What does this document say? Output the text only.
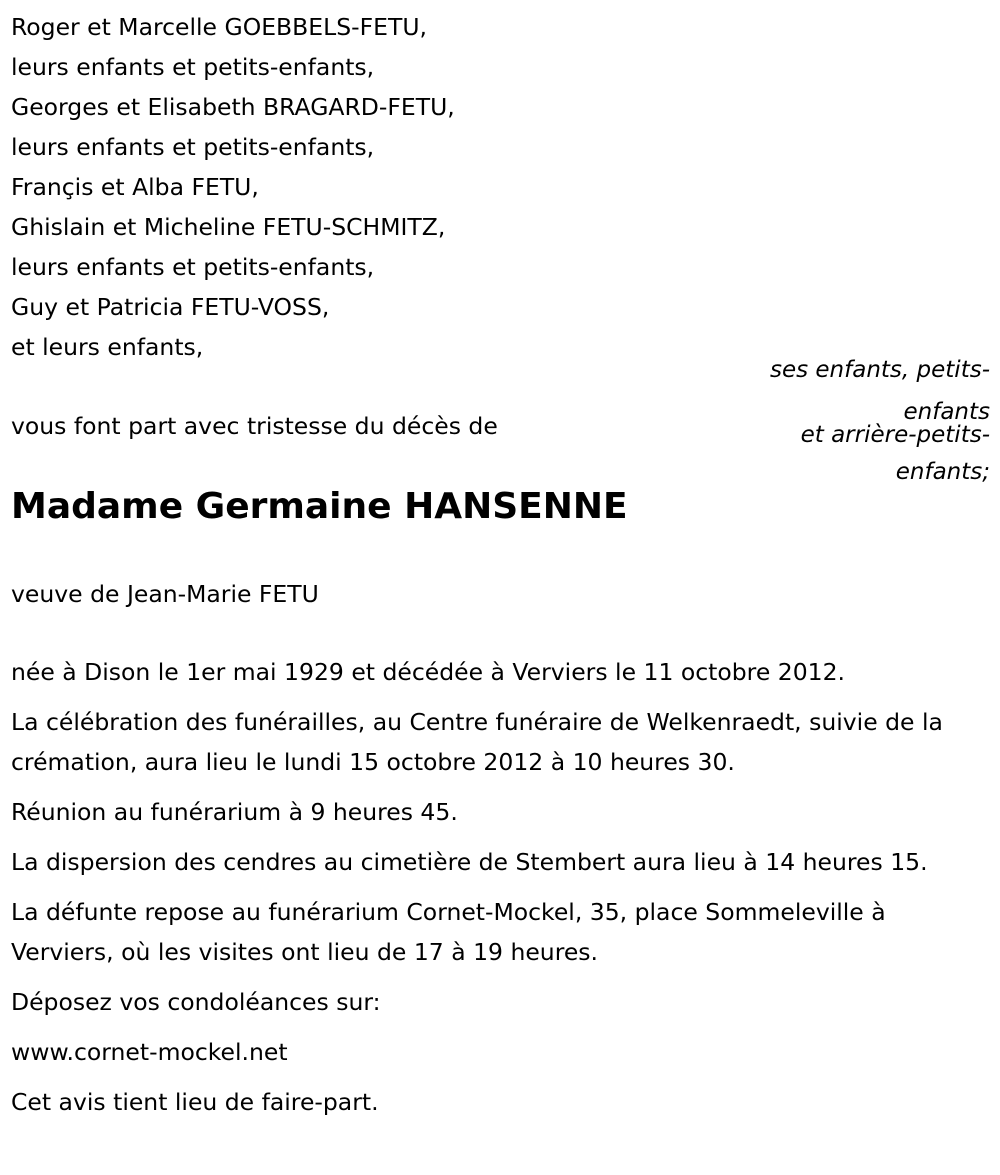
Roger et Marcelle GOEBBELS-FETU,
leurs enfants et petits-enfants,
Georges et Elisabeth BRAGARD-FETU,
leurs enfants et petits-enfants,
Françis et Alba FETU,
Ghislain et Micheline FETU-SCHMITZ,
leurs enfants et petits-enfants,
Guy et Patricia FETU-VOSS,
et leurs enfants,
ses enfants, petits-
enfants
et arrière-petits-
enfants;
vous font part avec tristesse du décès de
Madame Germaine HANSENNE
veuve de Jean-Marie FETU

née à Dison le 1er mai 1929 et décédée à Verviers le 11 octobre 2012.

La célébration des funérailles, au Centre funéraire de Welkenraedt, suivie de la crémation, aura lieu le lundi 15 octobre 2012 à 10 heures 30.

Réunion au funérarium à 9 heures 45.

La dispersion des cendres au cimetière de Stembert aura lieu à 14 heures 15.

La défunte repose au funérarium Cornet-Mockel, 35, place Sommeleville à Verviers, où les visites ont lieu de 17 à 19 heures.

Déposez vos condoléances sur:

www.cornet-mockel.net

Cet avis tient lieu de faire-part.
